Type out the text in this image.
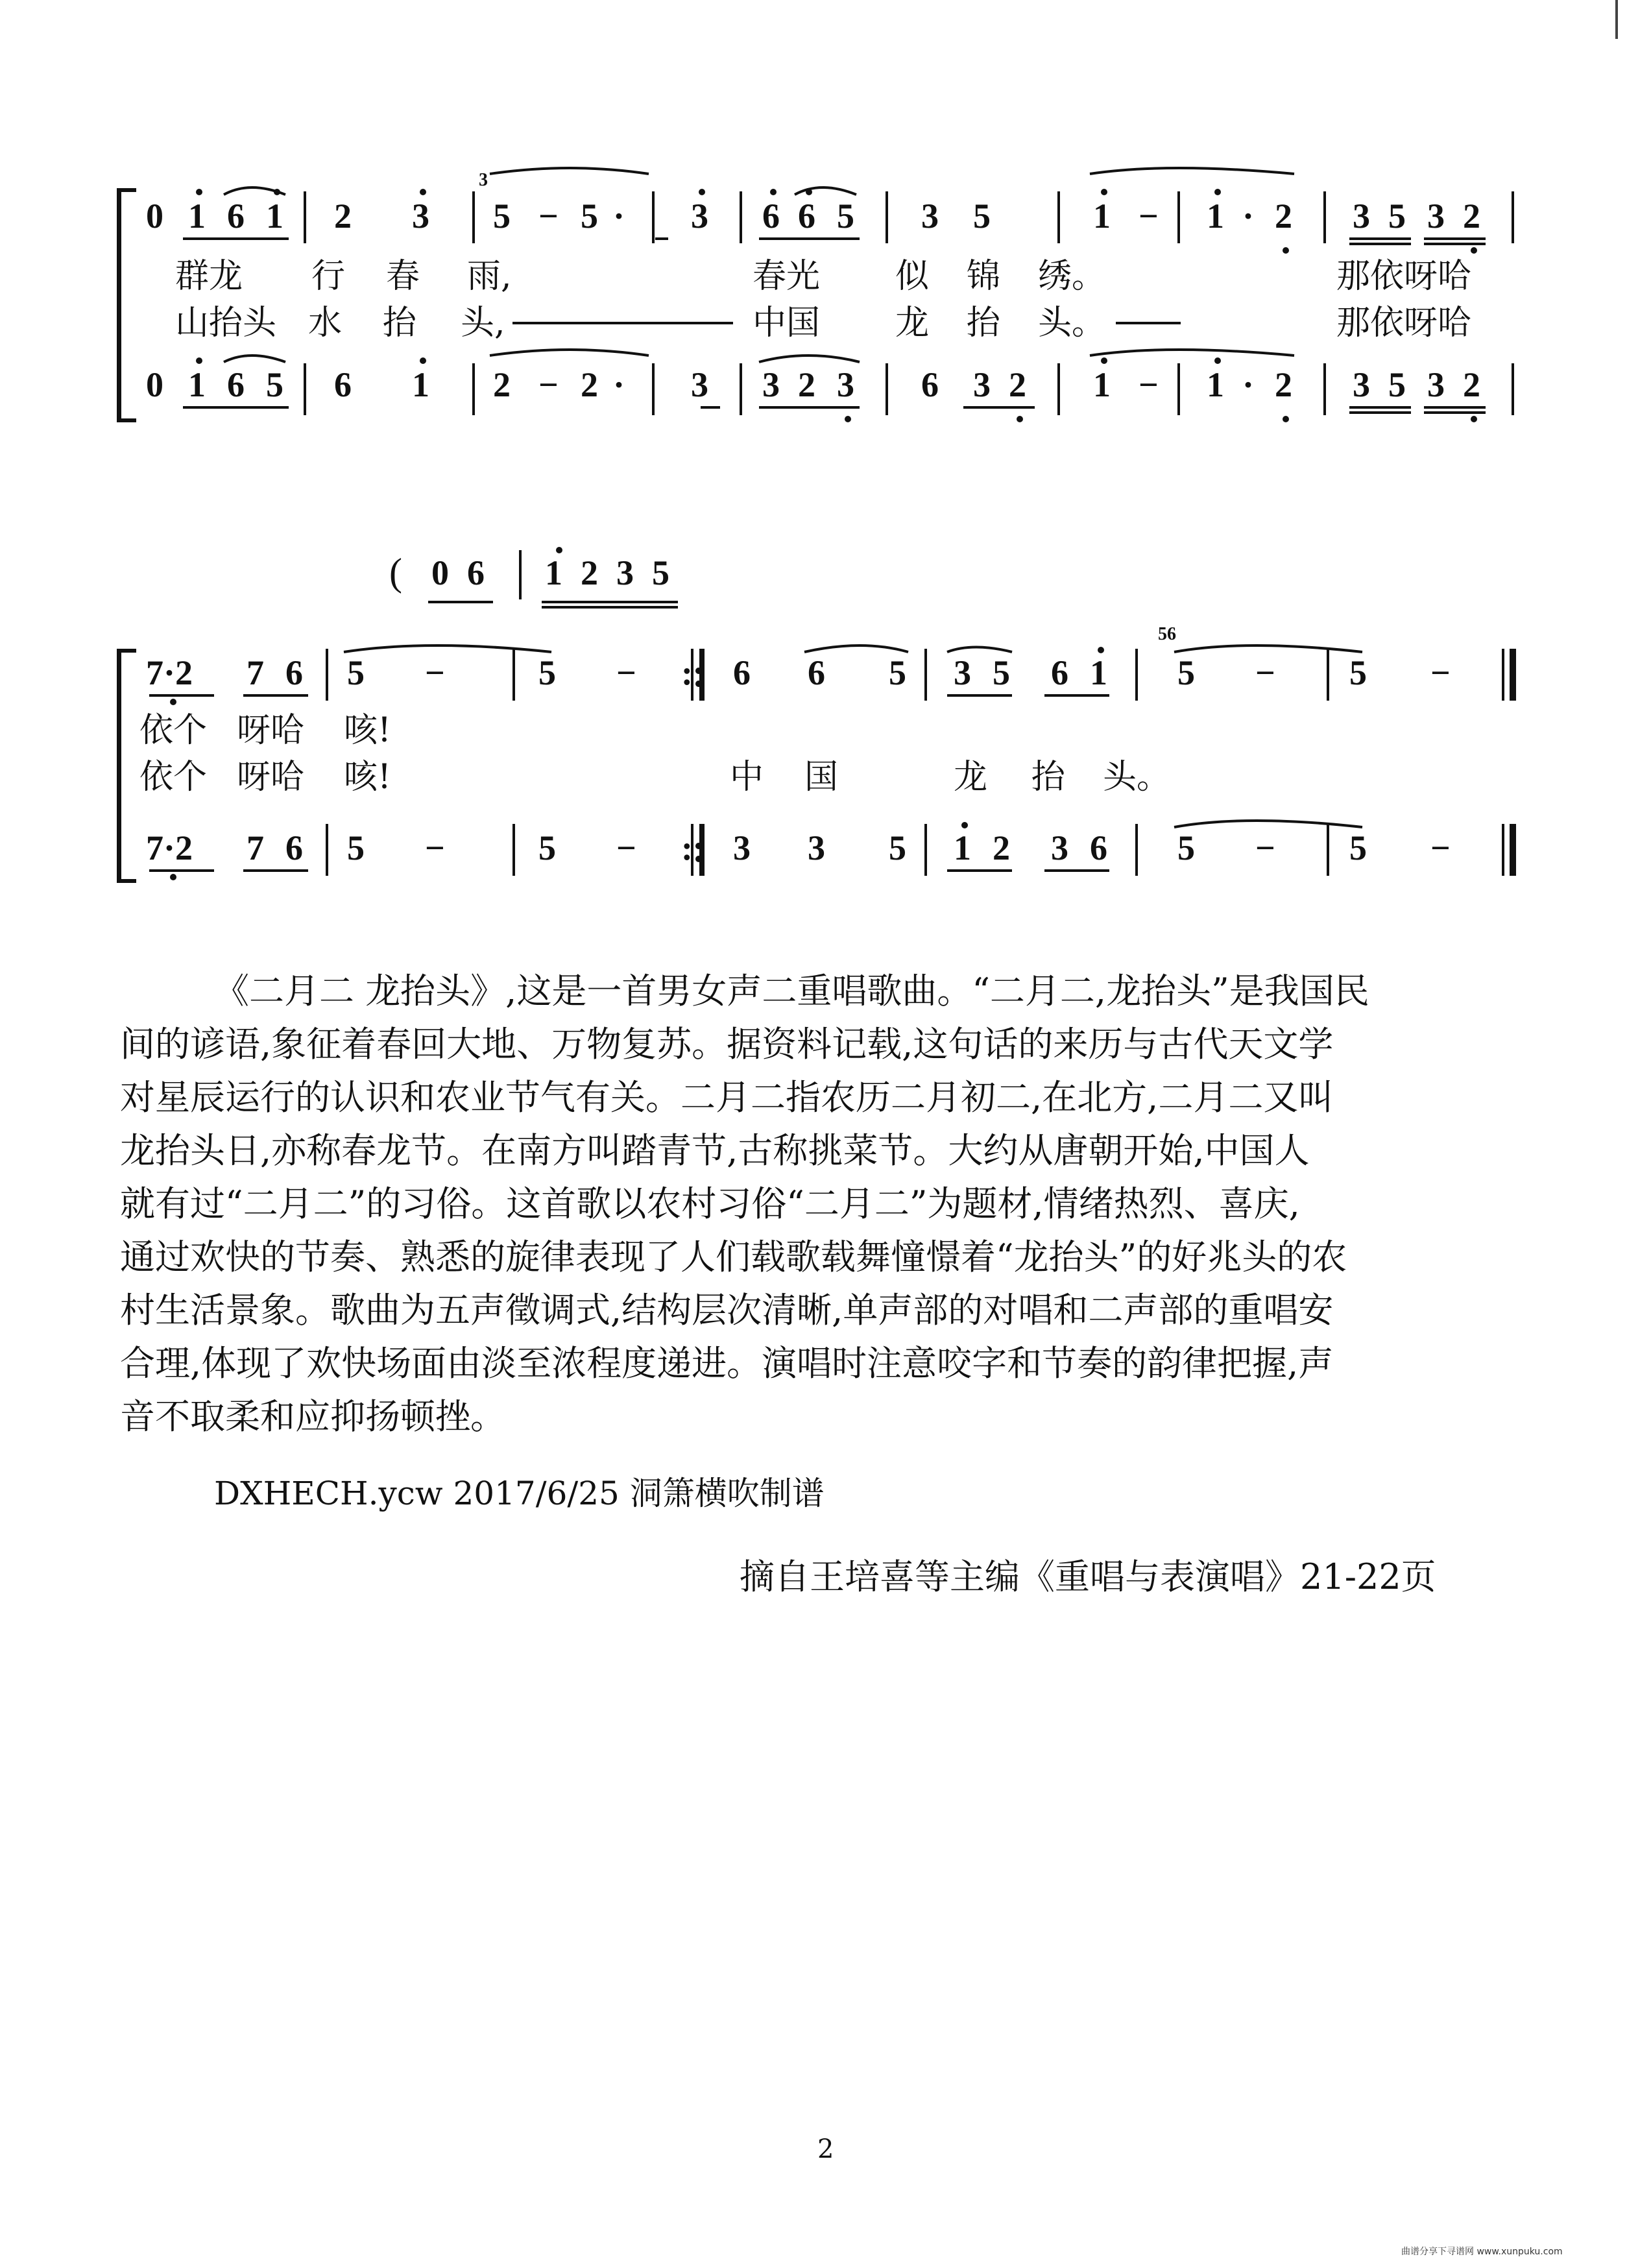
0 1 6 1 2 3
3
5 − 5 · 3 6 6 5 3 5	1 − 1 · 2 3 5 3 2
群龙 行 春 雨,	春光 似 锦 绣。	那依呀哈
山抬头 水 抬 头,	中国 龙 抬 头。	那依呀哈
0 1 6 5 6 1 2 − 2 · 3 3 2 3 6 3 2 1 − 1 · 2 3 5 3 2
( 0 6 1 2 3 5
7·2 7 6 5 −	5 − : 6 6 5 3 5 6 1
56
5 − 5 −
依个 呀哈 咳!
依个 呀哈 咳!	中 国	龙 抬 头。
7·2 7 6 5 −	5 − : 3 3 5 1 2 3 6 5 − 5 −
《二月二 龙抬头》,这是一首男女声二重唱歌曲。“二月二,龙抬头”是我国民
间的谚语,象征着春回大地、万物复苏。据资料记载,这句话的来历与古代天文学
对星辰运行的认识和农业节气有关。二月二指农历二月初二,在北方,二月二又叫
龙抬头日,亦称春龙节。在南方叫踏青节,古称挑菜节。大约从唐朝开始,中国人
就有过“二月二”的习俗。这首歌以农村习俗“二月二”为题材,情绪热烈、喜庆,
通过欢快的节奏、熟悉的旋律表现了人们载歌载舞憧憬着“龙抬头”的好兆头的农
村生活景象。歌曲为五声徵调式,结构层次清晰,单声部的对唱和二声部的重唱安
合理,体现了欢快场面由淡至浓程度递进。演唱时注意咬字和节奏的韵律把握,声
音不取柔和应抑扬顿挫。
DXHECH.ycw 2017/6/25 洞箫横吹制谱
摘自王培喜等主编《重唱与表演唱》21-22页
2
曲谱分享下寻谱网 www.xunpuku.com
